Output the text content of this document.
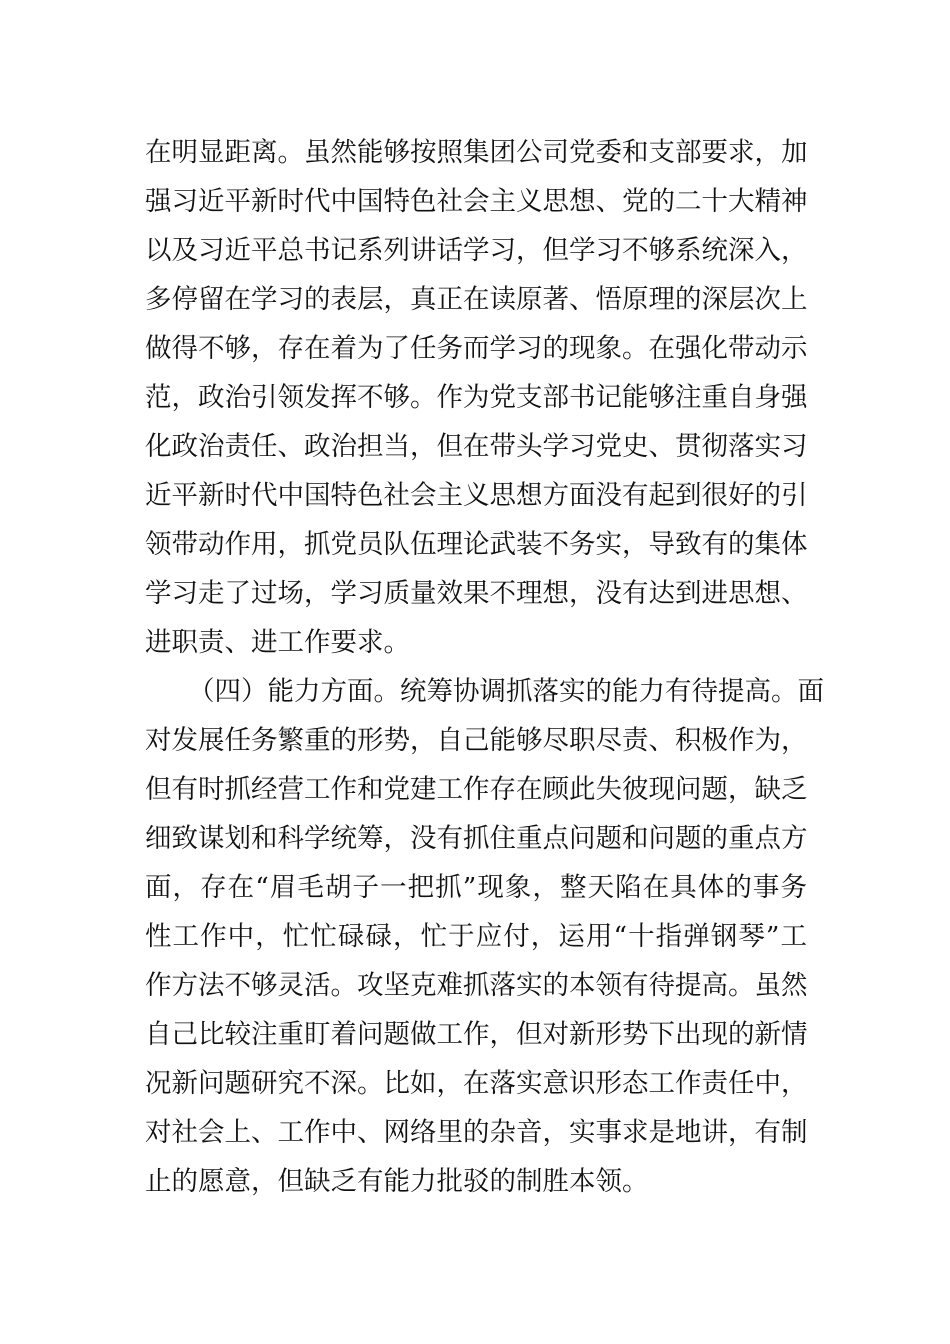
在明显距离。虽然能够按照集团公司党委和支部要求，加
强习近平新时代中国特色社会主义思想、党的二十大精神
以及习近平总书记系列讲话学习，但学习不够系统深入，
多停留在学习的表层，真正在读原著、悟原理的深层次上
做得不够，存在着为了任务而学习的现象。在强化带动示
范，政治引领发挥不够。作为党支部书记能够注重自身强
化政治责任、政治担当，但在带头学习党史、贯彻落实习
近平新时代中国特色社会主义思想方面没有起到很好的引
领带动作用，抓党员队伍理论武装不务实，导致有的集体
学习走了过场，学习质量效果不理想，没有达到进思想、
进职责、进工作要求。
（四）能力方面。统筹协调抓落实的能力有待提高。面
对发展任务繁重的形势，自己能够尽职尽责、积极作为，
但有时抓经营工作和党建工作存在顾此失彼现问题，缺乏
细致谋划和科学统筹，没有抓住重点问题和问题的重点方
面，存在“眉毛胡子一把抓”现象，整天陷在具体的事务
性工作中，忙忙碌碌，忙于应付，运用“十指弹钢琴”工
作方法不够灵活。攻坚克难抓落实的本领有待提高。虽然
自己比较注重盯着问题做工作，但对新形势下出现的新情
况新问题研究不深。比如，在落实意识形态工作责任中，
对社会上、工作中、网络里的杂音，实事求是地讲，有制
止的愿意，但缺乏有能力批驳的制胜本领。
